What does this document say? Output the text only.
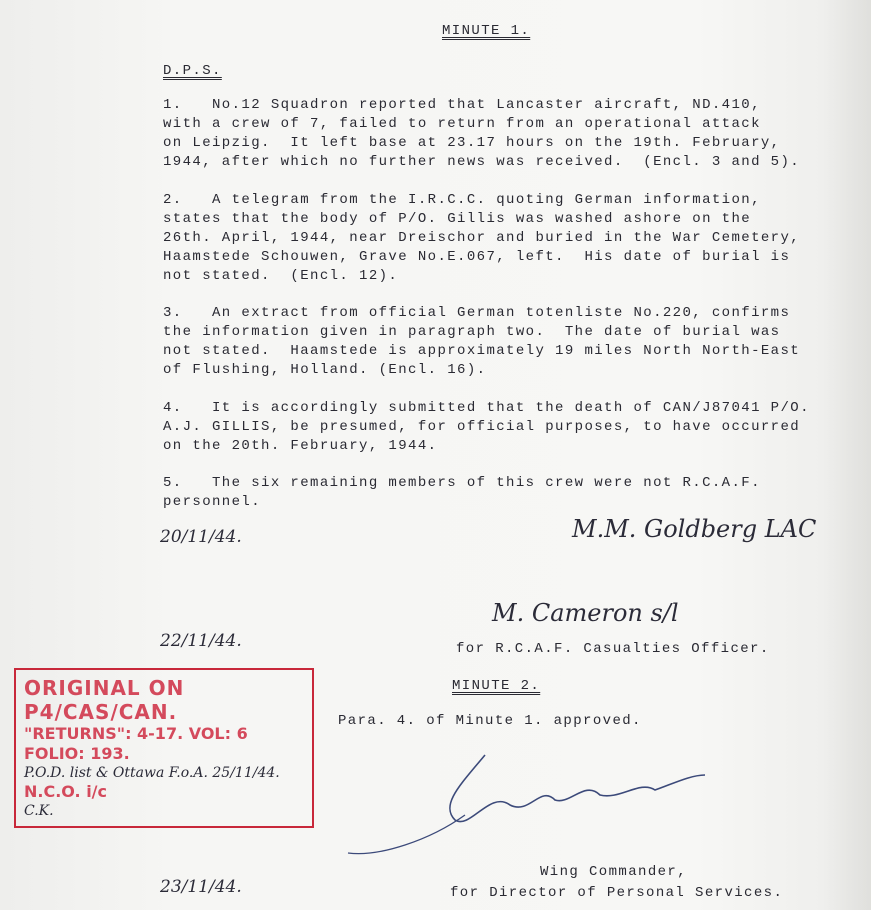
MINUTE 1.
D.P.S.
1.   No.12 Squadron reported that Lancaster aircraft, ND.410,
with a crew of 7, failed to return from an operational attack
on Leipzig.  It left base at 23.17 hours on the 19th. February,
1944, after which no further news was received.  (Encl. 3 and 5).
2.   A telegram from the I.R.C.C. quoting German information,
states that the body of P/O. Gillis was washed ashore on the
26th. April, 1944, near Dreischor and buried in the War Cemetery,
Haamstede Schouwen, Grave No.E.067, left.  His date of burial is
not stated.  (Encl. 12).
3.   An extract from official German totenliste No.220, confirms
the information given in paragraph two.  The date of burial was
not stated.  Haamstede is approximately 19 miles North North-East
of Flushing, Holland. (Encl. 16).
4.   It is accordingly submitted that the death of CAN/J87041 P/O.
A.J. GILLIS, be presumed, for official purposes, to have occurred
on the 20th. February, 1944.
5.   The six remaining members of this crew were not R.C.A.F.
personnel.
20/11/44.	M.M. Goldberg LAC
22/11/44.
M. Cameron s/l
for R.C.A.F. Casualties Officer.
MINUTE 2.
Para. 4. of Minute 1. approved.
Wing Commander,
for Director of Personal Services.
23/11/44.
ORIGINAL ON P4/CAS/CAN.
"RETURNS": 4-17. VOL: 6 FOLIO: 193.
P.O.D. list & Ottawa F.o.A. 25/11/44.
N.C.O. i/c
C.K.
